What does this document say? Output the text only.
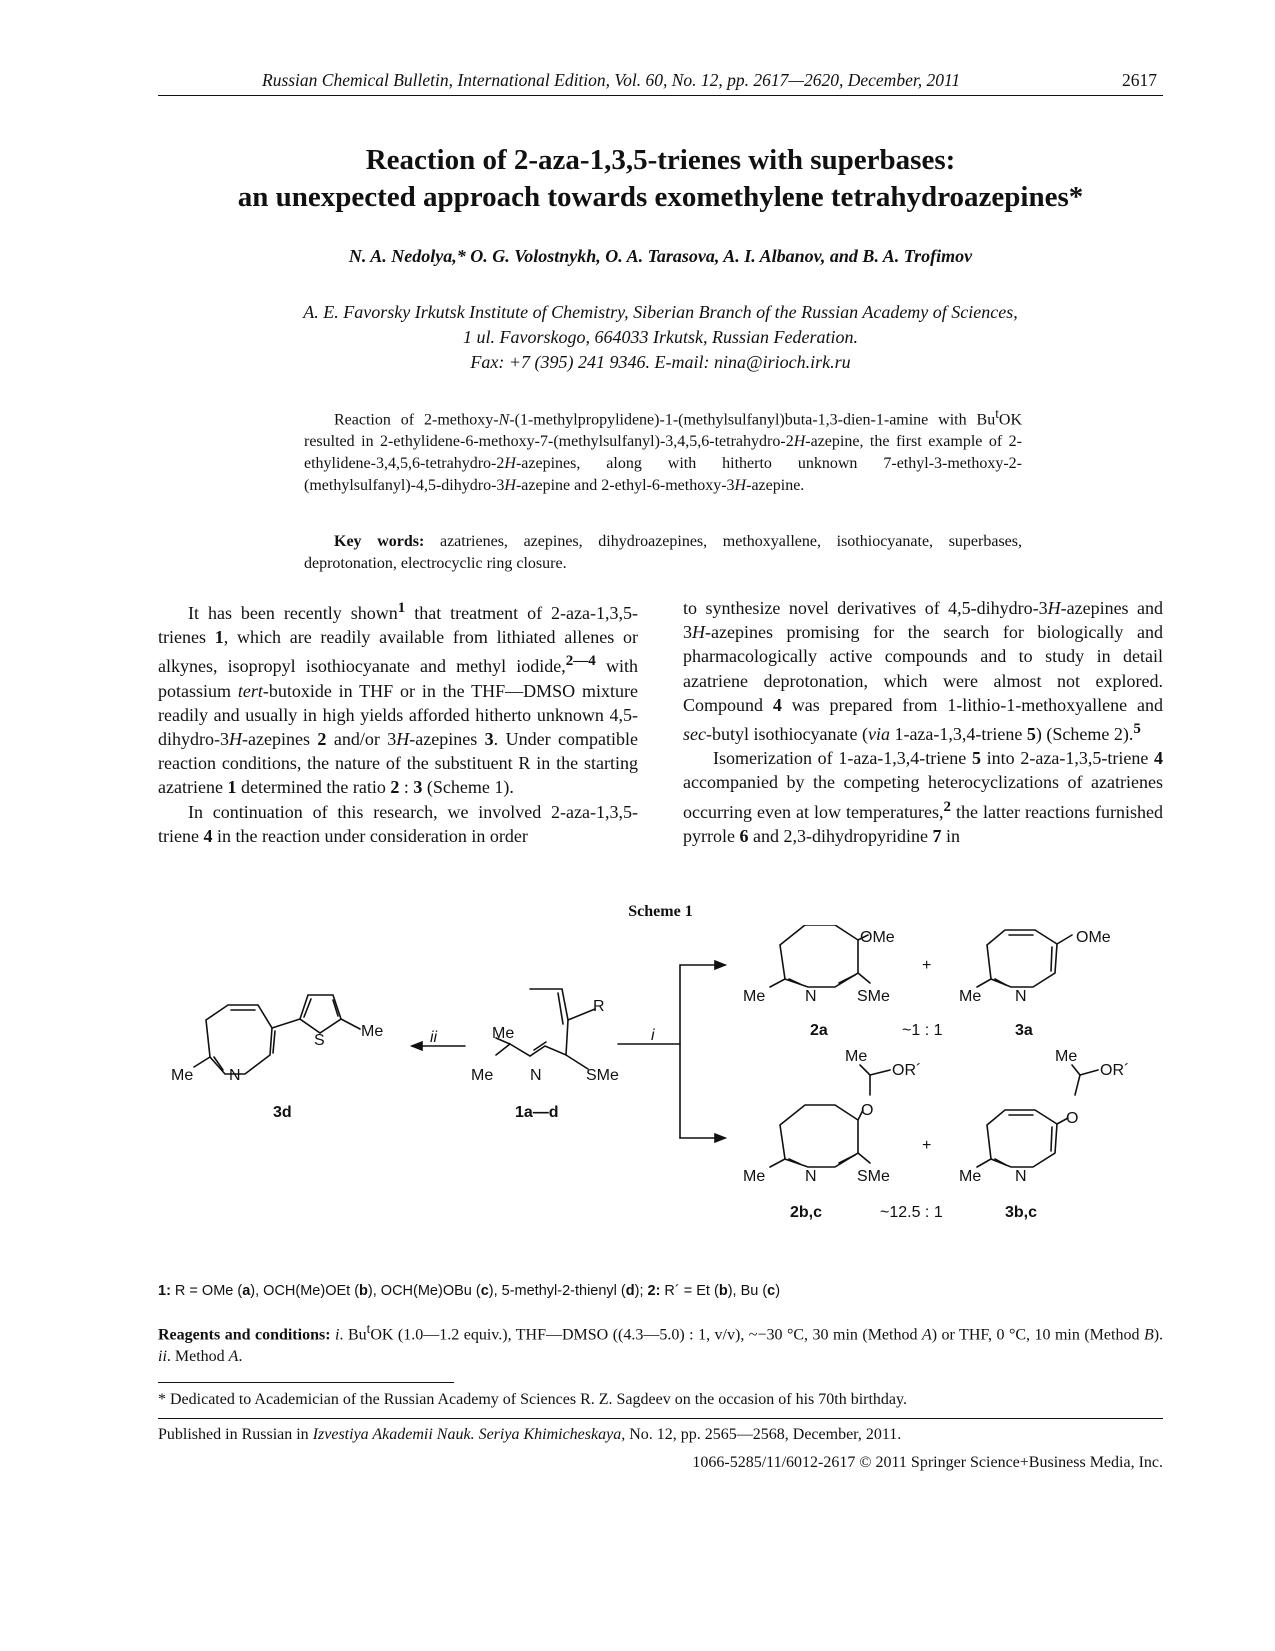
Russian Chemical Bulletin, International Edition, Vol. 60, No. 12, pp. 2617—2620, December, 2011	2617
Reaction of 2-aza-1,3,5-trienes with superbases:
an unexpected approach towards exomethylene tetrahydroazepines*
N. A. Nedolya,* O. G. Volostnykh, O. A. Tarasova, A. I. Albanov, and B. A. Trofimov
A. E. Favorsky Irkutsk Institute of Chemistry, Siberian Branch of the Russian Academy of Sciences,
1 ul. Favorskogo, 664033 Irkutsk, Russian Federation.
Fax: +7 (395) 241 9346. E-mail: nina@irioch.irk.ru
Reaction of 2-methoxy-N-(1-methylpropylidene)-1-(methylsulfanyl)buta-1,3-dien-1-amine with Bu$^t$OK resulted in 2-ethylidene-6-methoxy-7-(methylsulfanyl)-3,4,5,6-tetrahydro-2H-azepine, the first example of 2-ethylidene-3,4,5,6-tetrahydro-2H-azepines, along with hitherto unknown 7-ethyl-3-methoxy-2-(methylsulfanyl)-4,5-dihydro-3H-azepine and 2-ethyl-6-methoxy-3H-azepine.
Key words: azatrienes, azepines, dihydroazepines, methoxyallene, isothiocyanate, superbases, deprotonation, electrocyclic ring closure.

It has been recently shown$^1$ that treatment of 2-aza-1,3,5-trienes 1, which are readily available from lithiated allenes or alkynes, isopropyl isothiocyanate and methyl iodide,$^{2—4}$ with potassium tert-butoxide in THF or in the THF—DMSO mixture readily and usually in high yields afforded hitherto unknown 4,5-dihydro-3H-azepines 2 and/or 3H-azepines 3. Under compatible reaction conditions, the nature of the substituent R in the starting azatriene 1 determined the ratio 2 : 3 (Scheme 1).

In continuation of this research, we involved 2-aza-1,3,5-triene 4 in the reaction under consideration in order

to synthesize novel derivatives of 4,5-dihydro-3H-azepines and 3H-azepines promising for the search for biologically and pharmacologically active compounds and to study in detail azatriene deprotonation, which were almost not explored. Compound 4 was prepared from 1-lithio-1-methoxyallene and sec-butyl isothiocyanate (via 1-aza-1,3,4-triene 5) (Scheme 2).$^5$

Isomerization of 1-aza-1,3,4-triene 5 into 2-aza-1,3,5-triene 4 accompanied by the competing heterocyclizations of azatrienes occurring even at low temperatures,$^2$ the latter reactions furnished pyrrole 6 and 2,3-dihydropyridine 7 in

Scheme 1
Me N
S
Me
3d
ii	Me
Me N	SMe
R
1a—d
i
OMe
Me N	SMe
2a
+
~1 : 1
OMe
Me N
3a
Me
OR´
O
Me N	SMe
2b,c
+
~12.5 : 1
Me
OR´
O
Me N
3b,c
1: R = OMe (a), OCH(Me)OEt (b), OCH(Me)OBu (c), 5-methyl-2-thienyl (d); 2: R´ = Et (b), Bu (c)
Reagents and conditions: i. Bu$^t$OK (1.0—1.2 equiv.), THF—DMSO ((4.3—5.0) : 1, v/v), ~−30 °C, 30 min (Method A) or THF, 0 °C, 10 min (Method B). ii. Method A.
* Dedicated to Academician of the Russian Academy of Sciences R. Z. Sagdeev on the occasion of his 70th birthday.
Published in Russian in Izvestiya Akademii Nauk. Seriya Khimicheskaya, No. 12, pp. 2565—2568, December, 2011.
1066-5285/11/6012-2617 © 2011 Springer Science+Business Media, Inc.
